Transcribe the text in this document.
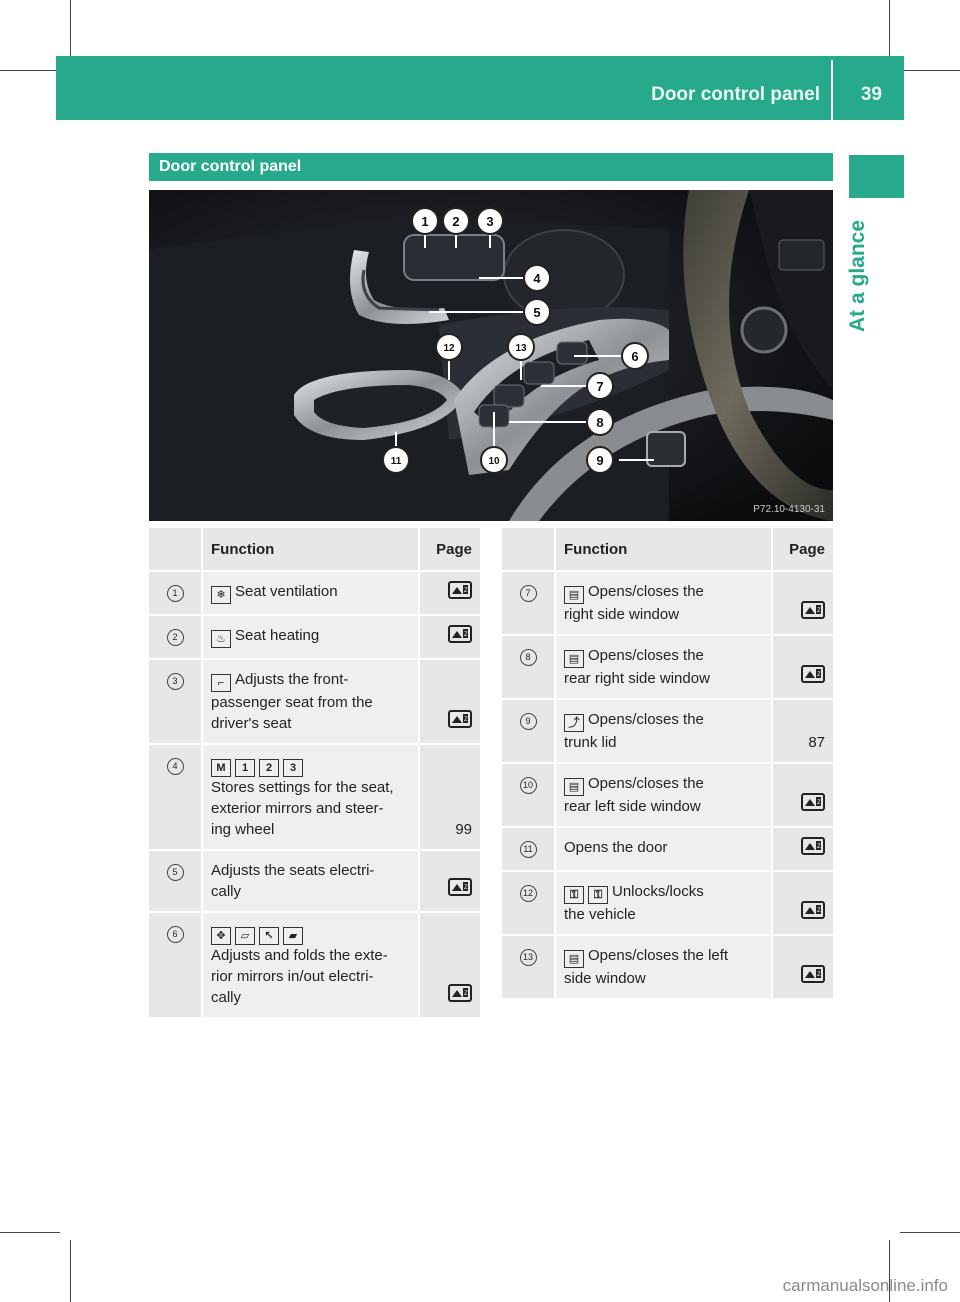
Door control panel 39
At a glance
Door control panel
1 2 3
4
5
12	13
6
7
8
9
11	10
P72.10-4130-31
	Function	Page
1	❄ Seat ventilation	Z

2	♨ Seat heating	Z

3	⌐ Adjusts the front-
passenger seat from the
driver's seat	Z

4	M 1 2 3
Stores settings for the seat,
exterior mirrors and steer-
ing wheel	99
5	Adjusts the seats electri-
cally	Z

6	✥ ▱ ↖ ▰
Adjusts and folds the exte-
rior mirrors in/out electri-
cally	Z
	Function	Page
7	▤ Opens/closes the
right side window	Z

8	▤ Opens/closes the
rear right side window	Z

9	⤴ Opens/closes the
trunk lid	87
10	▤ Opens/closes the
rear left side window	Z

11	Opens the door	Z

12	⚿ ⚿ Unlocks/locks
the vehicle	Z

13	▤ Opens/closes the left
side window	Z
carmanualsonline.info
